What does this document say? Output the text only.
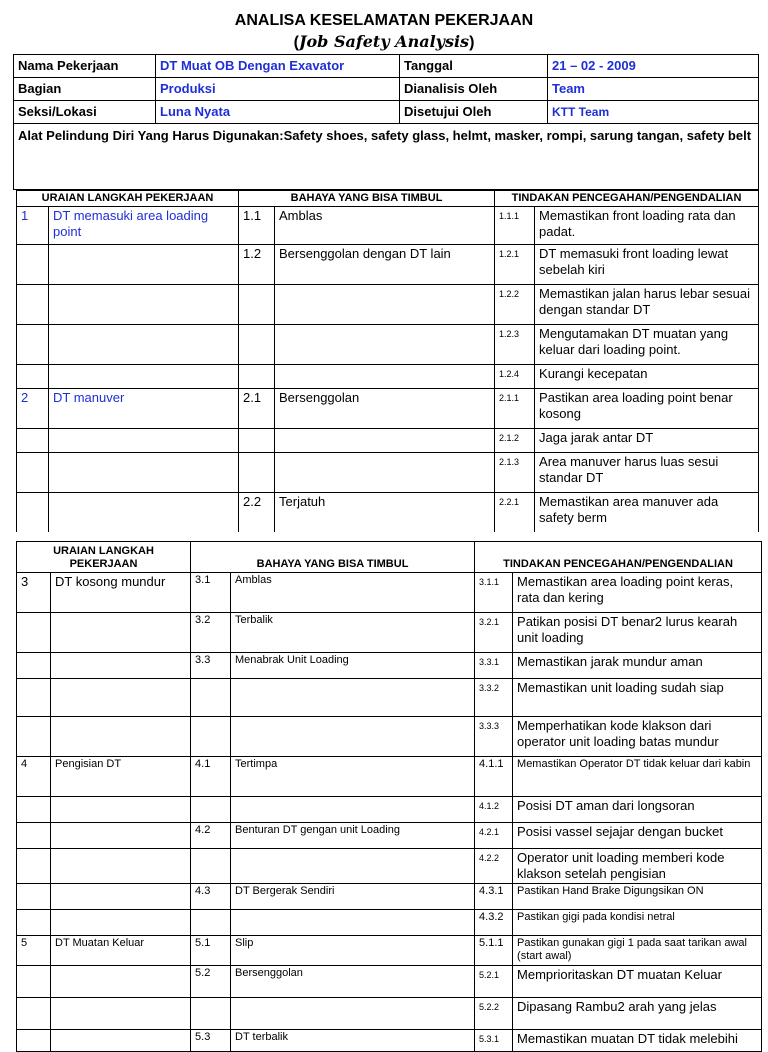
ANALISA KESELAMATAN PEKERJAAN
(Job Safety Analysis)
Nama Pekerjaan	DT Muat OB Dengan Exavator	Tanggal	21 – 02 - 2009
Bagian	Produksi	Dianalisis Oleh	Team
Seksi/Lokasi	Luna Nyata	Disetujui Oleh	KTT Team
Alat Pelindung Diri Yang Harus Digunakan:Safety shoes, safety glass, helmt, masker, rompi, sarung tangan, safety belt			
URAIAN LANGKAH PEKERJAAN		BAHAYA YANG BISA TIMBUL		TINDAKAN PENCEGAHAN/PENGENDALIAN	
1	DT memasuki area loading point	1.1	Amblas	1.1.1	Memastikan front loading rata dan padat.
		1.2	Bersenggolan dengan DT lain	1.2.1	DT memasuki front loading lewat sebelah kiri
				1.2.2	Memastikan jalan harus lebar sesuai dengan standar DT
				1.2.3	Mengutamakan DT muatan yang keluar dari loading point.
				1.2.4	Kurangi kecepatan
2	DT manuver	2.1	Bersenggolan	2.1.1	Pastikan area loading point benar kosong
				2.1.2	Jaga jarak antar DT
				2.1.3	Area manuver harus luas sesui standar DT
		2.2	Terjatuh	2.2.1	Memastikan area manuver ada safety berm
URAIAN LANGKAH PEKERJAAN		BAHAYA YANG BISA TIMBUL		TINDAKAN PENCEGAHAN/PENGENDALIAN	
3	DT kosong mundur	3.1	Amblas	3.1.1	Memastikan area loading point keras, rata dan kering
		3.2	Terbalik	3.2.1	Patikan posisi DT benar2 lurus kearah unit loading
		3.3	Menabrak Unit Loading	3.3.1	Memastikan jarak mundur aman
				3.3.2	Memastikan unit loading sudah siap
				3.3.3	Memperhatikan kode klakson dari operator unit loading batas mundur
4	Pengisian DT	4.1	Tertimpa	4.1.1	Memastikan Operator DT tidak keluar dari kabin
				4.1.2	Posisi DT aman dari longsoran
		4.2	Benturan DT gengan unit Loading	4.2.1	Posisi vassel sejajar dengan bucket
				4.2.2	Operator unit loading memberi kode klakson setelah pengisian
		4.3	DT Bergerak Sendiri	4.3.1	Pastikan Hand Brake Digungsikan ON
				4.3.2	Pastikan gigi pada kondisi netral
5	DT Muatan Keluar	5.1	Slip	5.1.1	Pastikan gunakan gigi 1 pada saat tarikan awal (start awal)
		5.2	Bersenggolan	5.2.1	Memprioritaskan DT muatan Keluar
				5.2.2	Dipasang Rambu2 arah yang jelas
		5.3	DT terbalik	5.3.1	Memastikan muatan DT tidak melebihi
